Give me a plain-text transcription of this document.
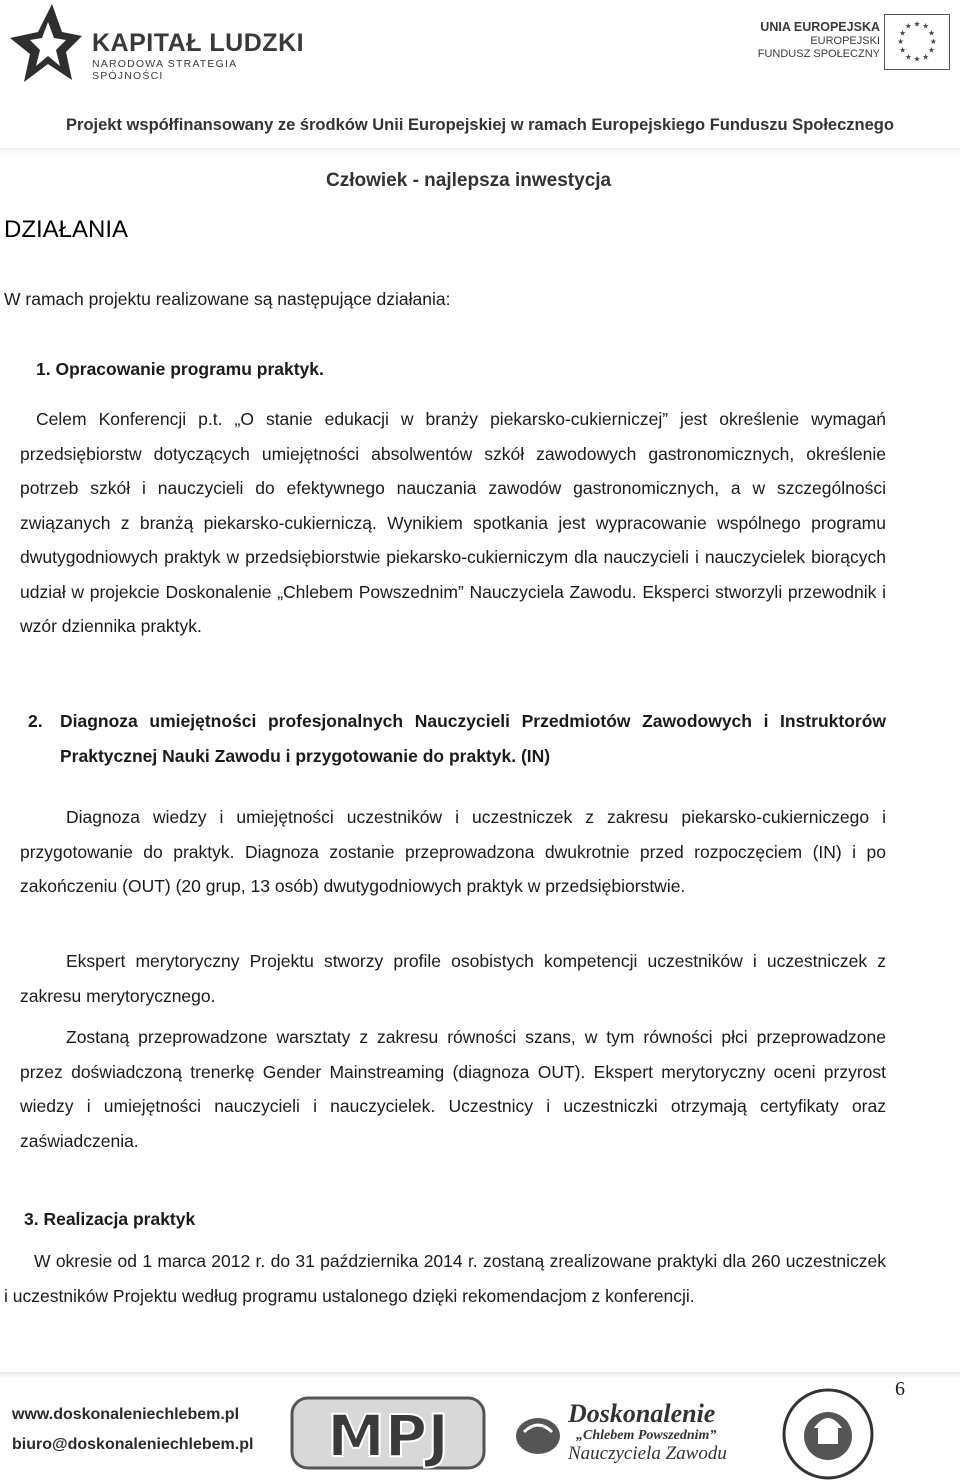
KAPITAŁ LUDZKI
NARODOWA STRATEGIA SPÓJNOŚCI
UNIA EUROPEJSKA
EUROPEJSKI
FUNDUSZ SPOŁECZNY
★ ★
★
★
★
★
★
★
★
★
★
★
Projekt współfinansowany ze środków Unii Europejskiej w ramach Europejskiego Funduszu Społecznego
Człowiek - najlepsza inwestycja
DZIAŁANIA
W ramach projektu realizowane są następujące działania:
1. Opracowanie programu praktyk.
Celem Konferencji p.t. „O stanie edukacji w branży piekarsko-cukierniczej” jest określenie wymagań przedsiębiorstw dotyczących umiejętności absolwentów szkół zawodowych gastronomicznych, określenie potrzeb szkół i nauczycieli do efektywnego nauczania zawodów gastronomicznych, a w szczególności związanych z branżą piekarsko-cukierniczą. Wynikiem spotkania jest wypracowanie wspólnego programu dwutygodniowych praktyk w przedsiębiorstwie piekarsko-cukierniczym dla nauczycieli i nauczycielek biorących udział w projekcie Doskonalenie „Chlebem Powszednim” Nauczyciela Zawodu. Eksperci stworzyli przewodnik i wzór dziennika praktyk.
2. Diagnoza umiejętności profesjonalnych Nauczycieli Przedmiotów Zawodowych i Instruktorów Praktycznej Nauki Zawodu i przygotowanie do praktyk. (IN)
Diagnoza wiedzy i umiejętności uczestników i uczestniczek z zakresu piekarsko-cukierniczego i przygotowanie do praktyk. Diagnoza zostanie przeprowadzona dwukrotnie przed rozpoczęciem (IN) i po zakończeniu (OUT) (20 grup, 13 osób) dwutygodniowych praktyk w przedsiębiorstwie.
Ekspert merytoryczny Projektu stworzy profile osobistych kompetencji uczestników i uczestniczek z zakresu merytorycznego.
Zostaną przeprowadzone warsztaty z zakresu równości szans, w tym równości płci przeprowadzone przez doświadczoną trenerkę Gender Mainstreaming (diagnoza OUT). Ekspert merytoryczny oceni przyrost wiedzy i umiejętności nauczycieli i nauczycielek. Uczestnicy i uczestniczki otrzymają certyfikaty oraz zaświadczenia.
3. Realizacja praktyk
W okresie od 1 marca 2012 r. do 31 października 2014 r. zostaną zrealizowane praktyki dla 260 uczestniczek i uczestników Projektu według programu ustalonego dzięki rekomendacjom z konferencji.
6
www.doskonaleniechlebem.pl
biuro@doskonaleniechlebem.pl MPJ	Doskonalenie
„Chlebem Powszednim”
Nauczyciela Zawodu
